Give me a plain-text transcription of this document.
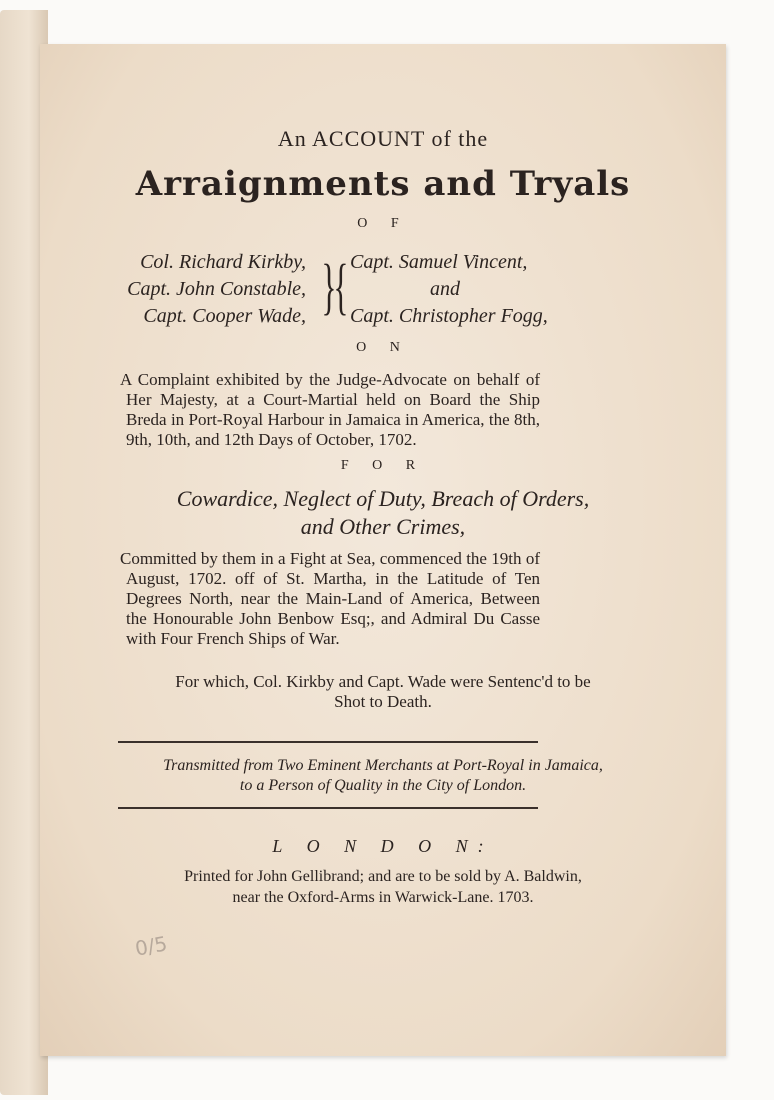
An ACCOUNT of the
Arraignments and Tryals
O F
Col. Richard Kirkby,
Capt. John Constable,
Capt. Cooper Wade, }
{ Capt. Samuel Vincent,
and
Capt. Christopher Fogg,
O N
A Complaint exhibited by the Judge-Advocate on behalf of Her Majesty, at a Court-Martial held on Board the Ship Breda in Port-Royal Harbour in Jamaica in America, the 8th, 9th, 10th, and 12th Days of October, 1702.
F O R
Cowardice, Neglect of Duty, Breach of Orders,
and Other Crimes,
Committed by them in a Fight at Sea, commenced the 19th of August, 1702. off of St. Martha, in the Latitude of Ten Degrees North, near the Main-Land of America, Between the Honourable John Benbow Esq;, and Admiral Du Casse with Four French Ships of War.
For which, Col. Kirkby and Capt. Wade were Sentenc'd to be
Shot to Death.
Transmitted from Two Eminent Merchants at Port-Royal in Jamaica,
to a Person of Quality in the City of London.
L O N D O N:
Printed for John Gellibrand; and are to be sold by A. Baldwin,
near the Oxford-Arms in Warwick-Lane. 1703.
0/5
